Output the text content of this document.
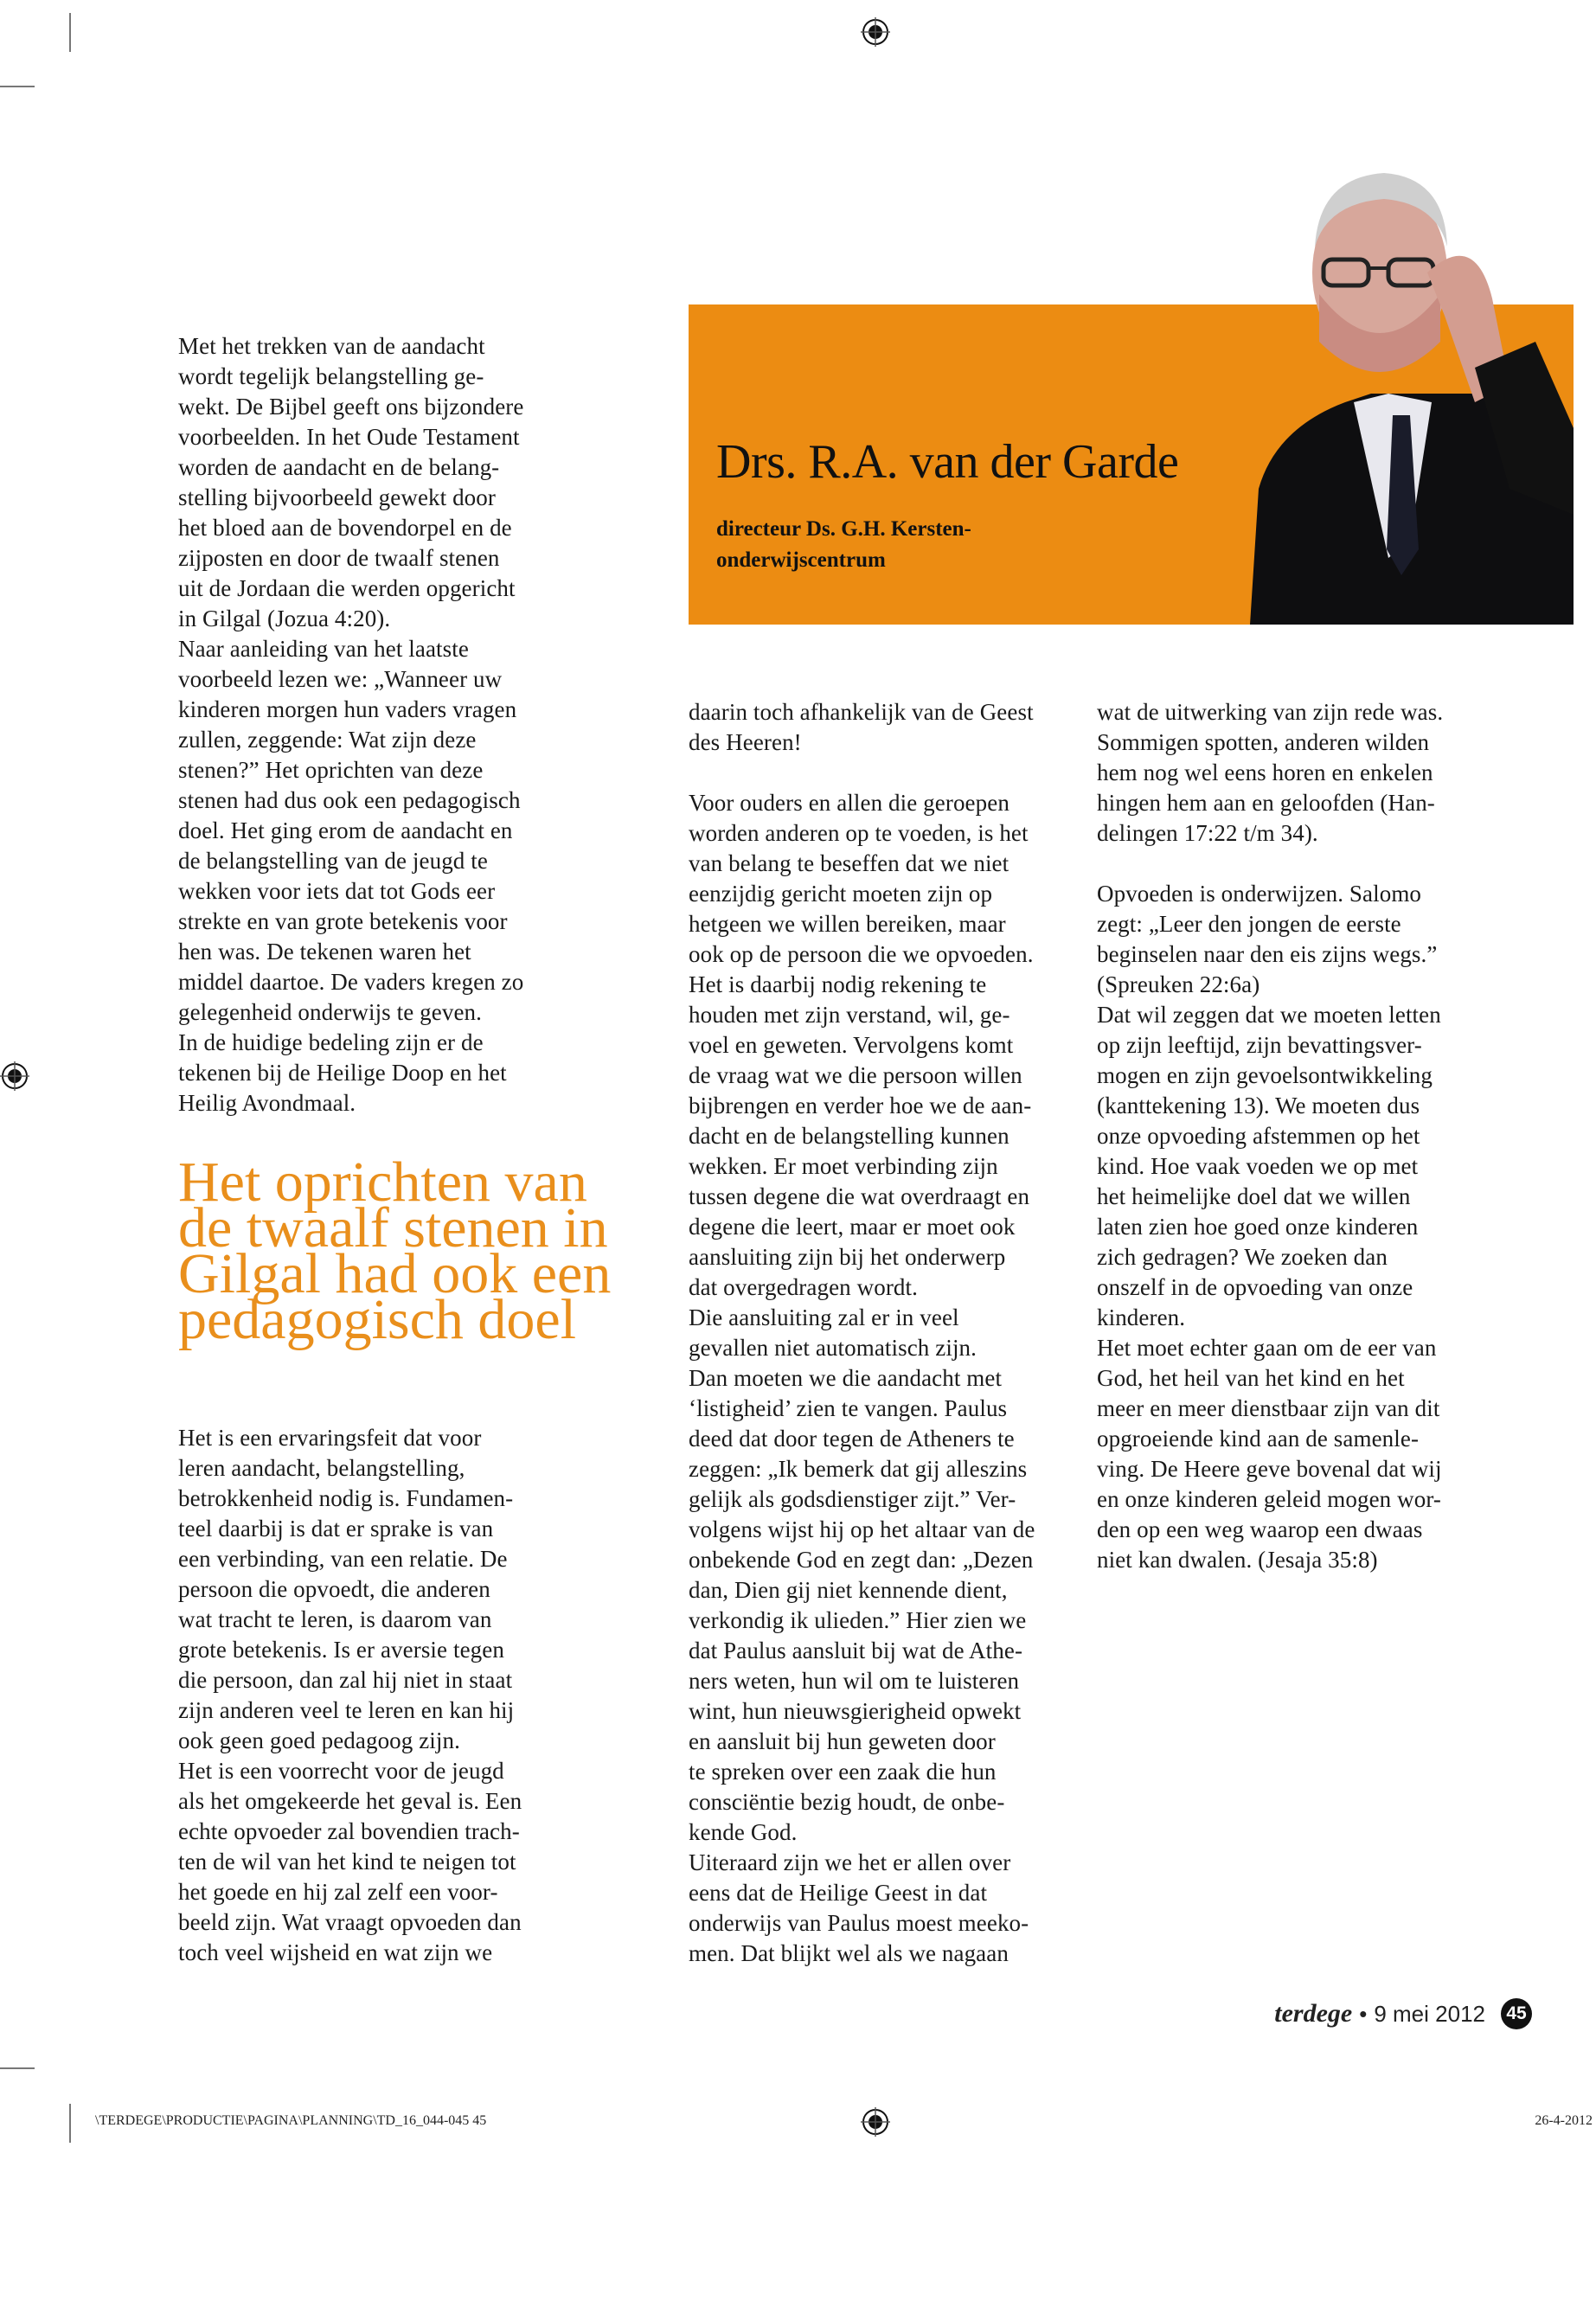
Drs. R.A. van der Garde
directeur Ds. G.H. Kersten-
onderwijscentrum
Met het trekken van de aandacht
wordt tegelijk belangstelling ge-
wekt. De Bijbel geeft ons bijzondere
voorbeelden. In het Oude Testament
worden de aandacht en de belang-
stelling bijvoorbeeld gewekt door
het bloed aan de bovendorpel en de
zijposten en door de twaalf stenen
uit de Jordaan die werden opgericht
in Gilgal (Jozua 4:20).
Naar aanleiding van het laatste
voorbeeld lezen we: „Wanneer uw
kinderen morgen hun vaders vragen
zullen, zeggende: Wat zijn deze
stenen?” Het oprichten van deze
stenen had dus ook een pedagogisch
doel. Het ging erom de aandacht en
de belangstelling van de jeugd te
wekken voor iets dat tot Gods eer
strekte en van grote betekenis voor
hen was. De tekenen waren het
middel daartoe. De vaders kregen zo
gelegenheid onderwijs te geven.
In de huidige bedeling zijn er de
tekenen bij de Heilige Doop en het
Heilig Avondmaal.
Het oprichten van
de twaalf stenen in
Gilgal had ook een
pedagogisch doel
Het is een ervaringsfeit dat voor
leren aandacht, belangstelling,
betrokkenheid nodig is. Fundamen-
teel daarbij is dat er sprake is van
een verbinding, van een relatie. De
persoon die opvoedt, die anderen
wat tracht te leren, is daarom van
grote betekenis. Is er aversie tegen
die persoon, dan zal hij niet in staat
zijn anderen veel te leren en kan hij
ook geen goed pedagoog zijn.
Het is een voorrecht voor de jeugd
als het omgekeerde het geval is. Een
echte opvoeder zal bovendien trach-
ten de wil van het kind te neigen tot
het goede en hij zal zelf een voor-
beeld zijn. Wat vraagt opvoeden dan
toch veel wijsheid en wat zijn we
daarin toch afhankelijk van de Geest
des Heeren!
Voor ouders en allen die geroepen
worden anderen op te voeden, is het
van belang te beseffen dat we niet
eenzijdig gericht moeten zijn op
hetgeen we willen bereiken, maar
ook op de persoon die we opvoeden.
Het is daarbij nodig rekening te
houden met zijn verstand, wil, ge-
voel en geweten. Vervolgens komt
de vraag wat we die persoon willen
bijbrengen en verder hoe we de aan-
dacht en de belangstelling kunnen
wekken. Er moet verbinding zijn
tussen degene die wat overdraagt en
degene die leert, maar er moet ook
aansluiting zijn bij het onderwerp
dat overgedragen wordt.
Die aansluiting zal er in veel
gevallen niet automatisch zijn.
Dan moeten we die aandacht met
‘listigheid’ zien te vangen. Paulus
deed dat door tegen de Atheners te
zeggen: „Ik bemerk dat gij alleszins
gelijk als godsdienstiger zijt.” Ver-
volgens wijst hij op het altaar van de
onbekende God en zegt dan: „Dezen
dan, Dien gij niet kennende dient,
verkondig ik ulieden.” Hier zien we
dat Paulus aansluit bij wat de Athe-
ners weten, hun wil om te luisteren
wint, hun nieuwsgierigheid opwekt
en aansluit bij hun geweten door
te spreken over een zaak die hun
consciëntie bezig houdt, de onbe-
kende God.
Uiteraard zijn we het er allen over
eens dat de Heilige Geest in dat
onderwijs van Paulus moest meeko-
men. Dat blijkt wel als we nagaan
wat de uitwerking van zijn rede was.
Sommigen spotten, anderen wilden
hem nog wel eens horen en enkelen
hingen hem aan en geloofden (Han-
delingen 17:22 t/m 34).
Opvoeden is onderwijzen. Salomo
zegt: „Leer den jongen de eerste
beginselen naar den eis zijns wegs.”
(Spreuken 22:6a)
Dat wil zeggen dat we moeten letten
op zijn leeftijd, zijn bevattingsver-
mogen en zijn gevoelsontwikkeling
(kanttekening 13). We moeten dus
onze opvoeding afstemmen op het
kind. Hoe vaak voeden we op met
het heimelijke doel dat we willen
laten zien hoe goed onze kinderen
zich gedragen? We zoeken dan
onszelf in de opvoeding van onze
kinderen.
Het moet echter gaan om de eer van
God, het heil van het kind en het
meer en meer dienstbaar zijn van dit
opgroeiende kind aan de samenle-
ving. De Heere geve bovenal dat wij
en onze kinderen geleid mogen wor-
den op een weg waarop een dwaas
niet kan dwalen. (Jesaja 35:8)
terdege • 9 mei 2012	45
\TERDEGE\PRODUCTIE\PAGINA\PLANNING\TD_16_044-045 45	26-4-2012
